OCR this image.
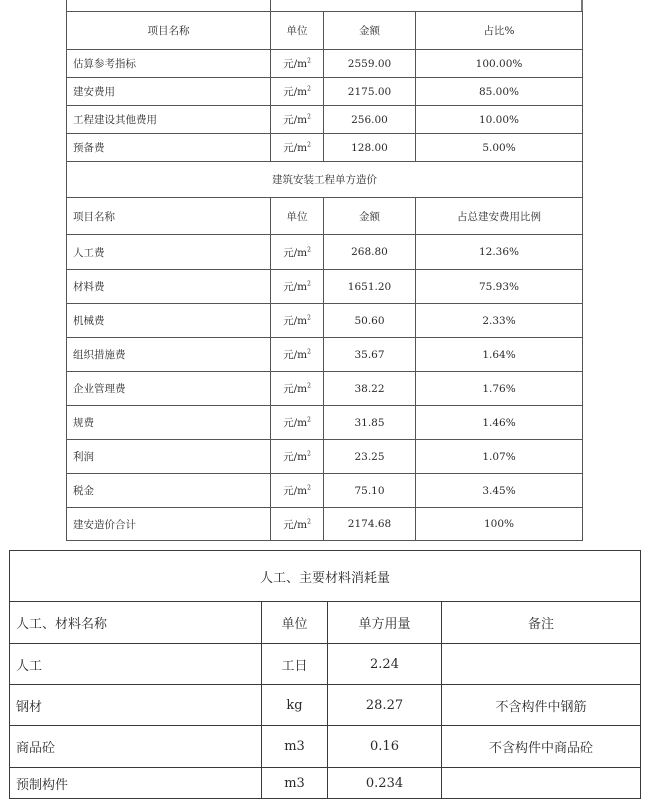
项目名称	单位	金额	占比%
估算参考指标	元$/m^2$	2559.00	100.00%
建安费用	元$/m^2$	2175.00	85.00%
工程建设其他费用	元$/m^2$	256.00	10.00%
预备费	元$/m^2$	128.00	5.00%
建筑安装工程单方造价			
项目名称	单位	金额	占总建安费用比例
人工费	元$/m^2$	268.80	12.36%
材料费	元$/m^2$	1651.20	75.93%
机械费	元$/m^2$	50.60	2.33%
组织措施费	元$/m^2$	35.67	1.64%
企业管理费	元$/m^2$	38.22	1.76%
规费	元$/m^2$	31.85	1.46%
利润	元$/m^2$	23.25	1.07%
税金	元$/m^2$	75.10	3.45%
建安造价合计	元$/m^2$	2174.68	100%
人工、主要材料消耗量			
人工、材料名称	单位	单方用量	备注
人工	工日	2.24	
钢材	kg	28.27	不含构件中钢筋
商品砼	m3	0.16	不含构件中商品砼
预制构件	m3	0.234	
